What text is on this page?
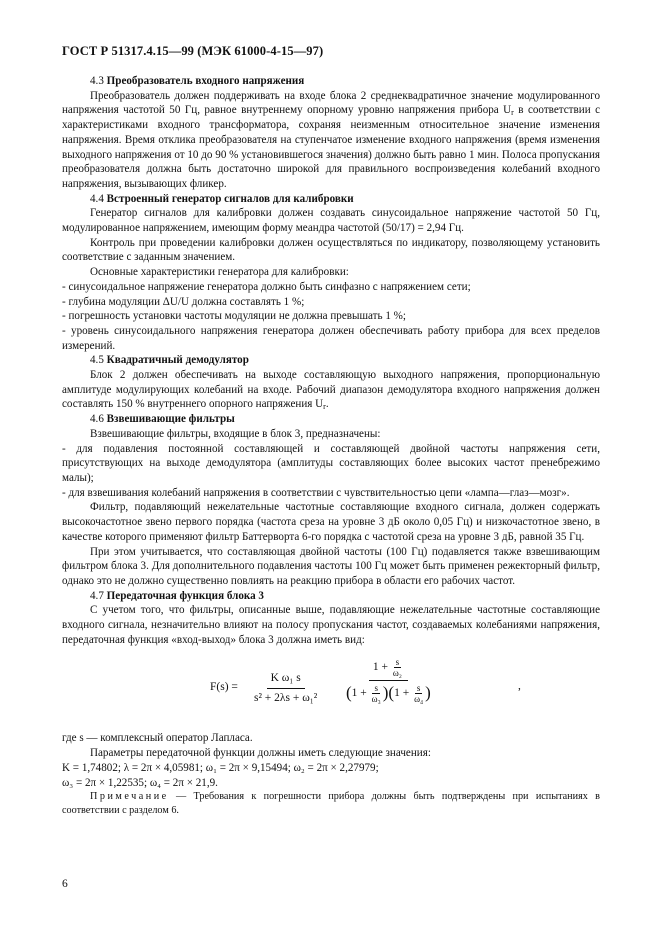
ГОСТ Р 51317.4.15—99 (МЭК 61000-4-15—97)

4.3 Преобразователь входного напряжения

Преобразователь должен поддерживать на входе блока 2 среднеквадратичное значение модулированного напряжения частотой 50 Гц, равное внутреннему опорному уровню напряжения прибора $U_r$ в соответствии с характеристиками входного трансформатора, сохраняя неизменным относительное значение изменения напряжения. Время отклика преобразователя на ступенчатое изменение входного напряжения (время изменения выходного напряжения от 10 до 90 % установившегося значения) должно быть равно 1 мин. Полоса пропускания преобразователя должна быть достаточно широкой для правильного воспроизведения колебаний входного напряжения, вызывающих фликер.

4.4 Встроенный генератор сигналов для калибровки

Генератор сигналов для калибровки должен создавать синусоидальное напряжение частотой 50 Гц, модулированное напряжением, имеющим форму меандра частотой (50/17) = 2,94 Гц.

Контроль при проведении калибровки должен осуществляться по индикатору, позволяющему установить соответствие с заданным значением.

Основные характеристики генератора для калибровки:

- синусоидальное напряжение генератора должно быть синфазно с напряжением сети;

- глубина модуляции ΔU/U должна составлять 1 %;

- погрешность установки частоты модуляции не должна превышать 1 %;

- уровень синусоидального напряжения генератора должен обеспечивать работу прибора для всех пределов измерений.

4.5 Квадратичный демодулятор

Блок 2 должен обеспечивать на выходе составляющую выходного напряжения, пропорциональную амплитуде модулирующих колебаний на входе. Рабочий диапазон демодулятора входного напряжения должен составлять 150 % внутреннего опорного напряжения $U_r$.

4.6 Взвешивающие фильтры

Взвешивающие фильтры, входящие в блок 3, предназначены:

- для подавления постоянной составляющей и составляющей двойной частоты напряжения сети, присутствующих на выходе демодулятора (амплитуды составляющих более высоких частот пренебрежимо малы);

- для взвешивания колебаний напряжения в соответствии с чувствительностью цепи «лампа—глаз—мозг».

Фильтр, подавляющий нежелательные частотные составляющие входного сигнала, должен содержать высокочастотное звено первого порядка (частота среза на уровне 3 дБ около 0,05 Гц) и низкочастотное звено, в качестве которого применяют фильтр Баттерворта 6-го порядка с частотой среза на уровне 3 дБ, равной 35 Гц.

При этом учитывается, что составляющая двойной частоты (100 Гц) подавляется также взвешивающим фильтром блока 3. Для дополнительного подавления частоты 100 Гц может быть применен режекторный фильтр, однако это не должно существенно повлиять на реакцию прибора в области его рабочих частот.

4.7 Передаточная функция блока 3

С учетом того, что фильтры, описанные выше, подавляющие нежелательные частотные составляющие входного сигнала, незначительно влияют на полосу пропускания частот, создаваемых колебаниями напряжения, передаточная функция «вход-выход» блока 3 должна иметь вид:

$F(s) = \frac{\text{K ω₁ s}}{\text{s² + 2λs + ω₁²}} \frac{1 + \frac{s}{\text{ω₂}}}{(1 + \frac{s}{\text{ω₃}} )(1 + \frac{s}{\text{ω₄}} )}$	,

где s — комплексный оператор Лапласа.

Параметры передаточной функции должны иметь следующие значения:

K = 1,74802; λ = 2π × 4,05981; ω₁ = 2π × 9,15494; ω₂ = 2π × 2,27979;

ω₃ = 2π × 1,22535; ω₄ = 2π × 21,9.

Примечание — Требования к погрешности прибора должны быть подтверждены при испытаниях в соответствии с разделом 6.

6
